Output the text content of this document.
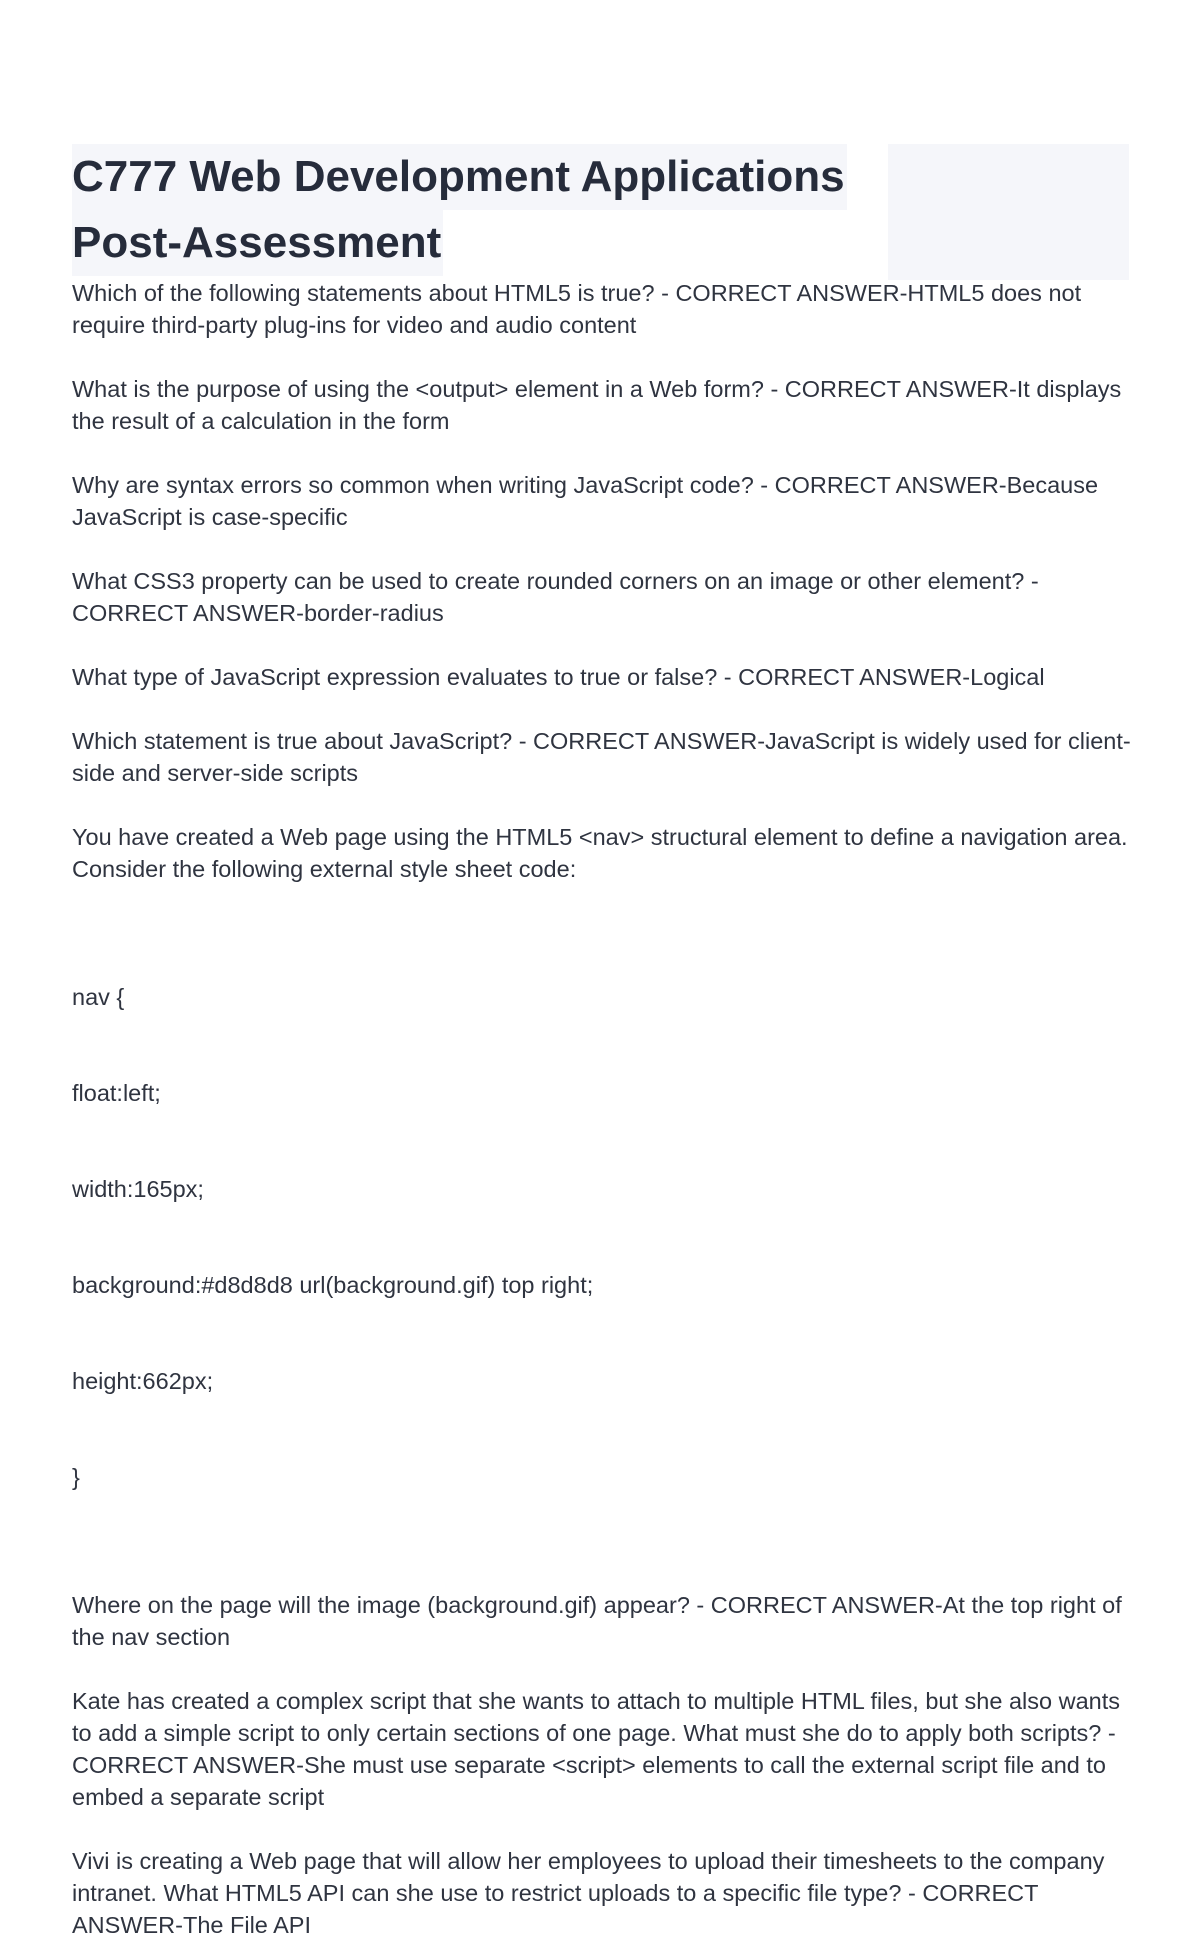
C777 Web Development Applications
Post-Assessment

Which of the following statements about HTML5 is true? - CORRECT ANSWER-HTML5 does not require third-party plug-ins for video and audio content

What is the purpose of using the <output> element in a Web form? - CORRECT ANSWER-It displays the result of a calculation in the form

Why are syntax errors so common when writing JavaScript code? - CORRECT ANSWER-Because JavaScript is case-specific

What CSS3 property can be used to create rounded corners on an image or other element? - CORRECT ANSWER-border-radius

What type of JavaScript expression evaluates to true or false? - CORRECT ANSWER-Logical

Which statement is true about JavaScript? - CORRECT ANSWER-JavaScript is widely used for client-side and server-side scripts

You have created a Web page using the HTML5 <nav> structural element to define a navigation area. Consider the following external style sheet code:

nav {

float:left;

width:165px;

background:#d8d8d8 url(background.gif) top right;

height:662px;

}

Where on the page will the image (background.gif) appear? - CORRECT ANSWER-At the top right of the nav section

Kate has created a complex script that she wants to attach to multiple HTML files, but she also wants to add a simple script to only certain sections of one page. What must she do to apply both scripts? - CORRECT ANSWER-She must use separate <script> elements to call the external script file and to embed a separate script

Vivi is creating a Web page that will allow her employees to upload their timesheets to the company intranet. What HTML5 API can she use to restrict uploads to a specific file type? - CORRECT ANSWER-The File API
